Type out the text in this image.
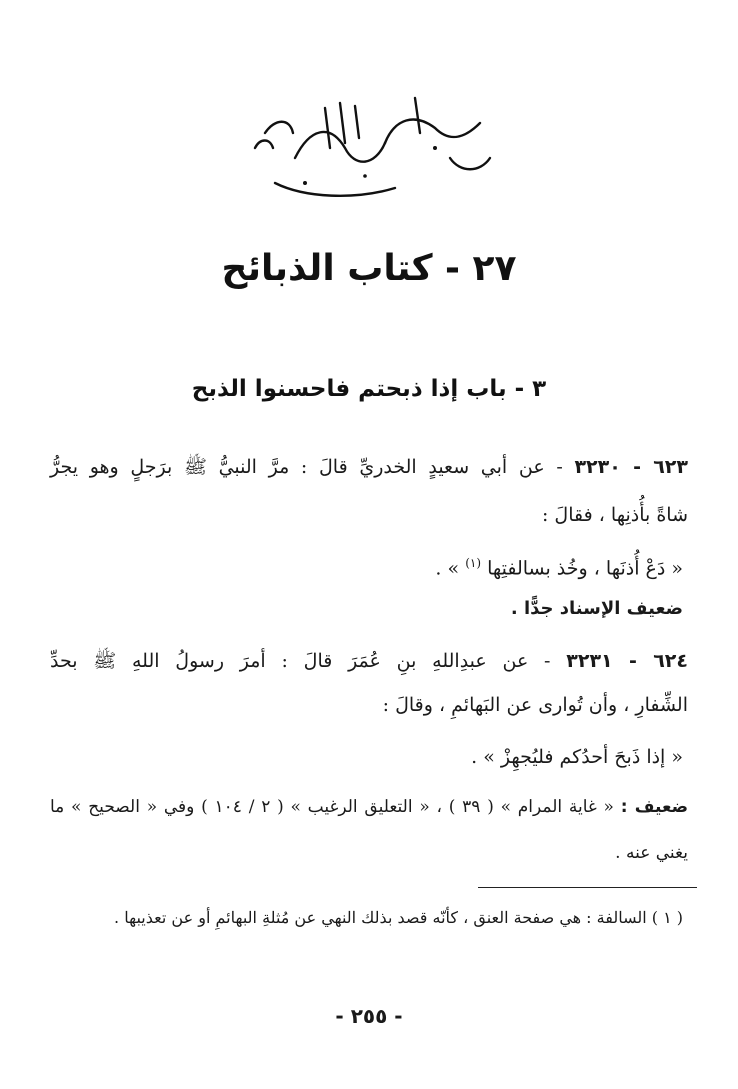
٢٧ - كتاب الذبائح
٣ - باب إذا ذبحتم فاحسنوا الذبح
٦٢٣ - ٣٢٣٠ - عن أبي سعيدٍ الخدريِّ قالَ : مرَّ النبيُّ ﷺ برَجلٍ وهو يجرُّ
شاةً بأُذنِها ، فقالَ :
« دَعْ أُذنَها ، وخُذ بسالفتِها $^{(١)}$ » .
ضعيف الإسناد جدًّا .
٦٢٤ - ٣٢٣١ - عن عبدِاللهِ بنِ عُمَرَ قالَ : أمرَ رسولُ اللهِ ﷺ بحدِّ
الشِّفارِ ، وأن تُوارى عن البَهائمِ ، وقالَ :
« إذا ذَبحَ أحدُكم فليُجهِزْ » .
ضعيف : « غاية المرام » ( ٣٩ ) ، « التعليق الرغيب » ( ٢ / ١٠٤ ) وفي « الصحيح » ما
يغني عنه .
( ١ ) السالفة : هي صفحة العنق ، كأنّه قصد بذلك النهي عن مُثلةِ البهائمِ أو عن تعذيبها .
- ٢٥٥ -
